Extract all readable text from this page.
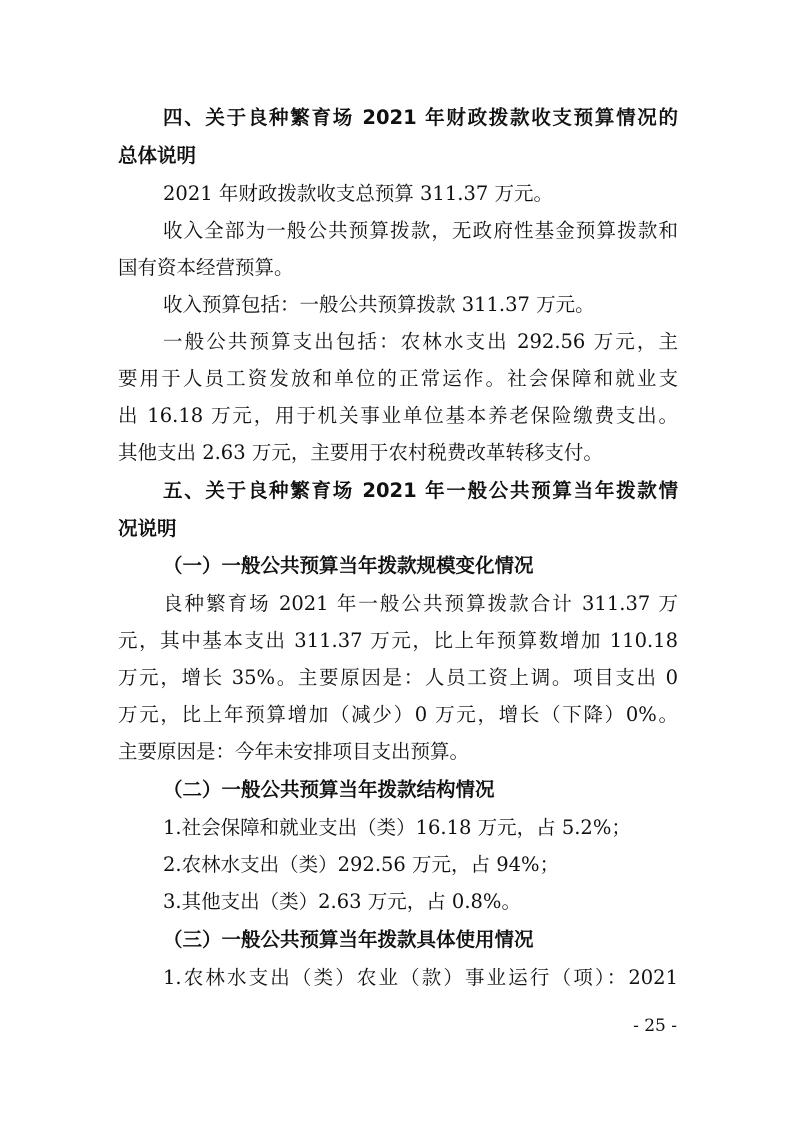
四、关于良种繁育场 2021 年财政拨款收支预算情况的
总体说明
2021 年财政拨款收支总预算 311.37 万元。
收入全部为一般公共预算拨款，无政府性基金预算拨款和
国有资本经营预算。
收入预算包括：一般公共预算拨款 311.37 万元。
一般公共预算支出包括：农林水支出 292.56 万元，主
要用于人员工资发放和单位的正常运作。社会保障和就业支
出 16.18 万元，用于机关事业单位基本养老保险缴费支出。
其他支出 2.63 万元，主要用于农村税费改革转移支付。
五、关于良种繁育场 2021 年一般公共预算当年拨款情
况说明
（一）一般公共预算当年拨款规模变化情况
良种繁育场 2021 年一般公共预算拨款合计 311.37 万
元，其中基本支出 311.37 万元，比上年预算数增加 110.18
万元，增长 35%。主要原因是：人员工资上调。项目支出 0
万元，比上年预算增加（减少）0 万元，增长（下降）0%。
主要原因是：今年未安排项目支出预算。
（二）一般公共预算当年拨款结构情况
1.社会保障和就业支出（类）16.18 万元，占 5.2%；
2.农林水支出（类）292.56 万元，占 94%；
3.其他支出（类）2.63 万元，占 0.8%。
（三）一般公共预算当年拨款具体使用情况
1.农林水支出（类）农业（款）事业运行（项）：2021
- 25 -
